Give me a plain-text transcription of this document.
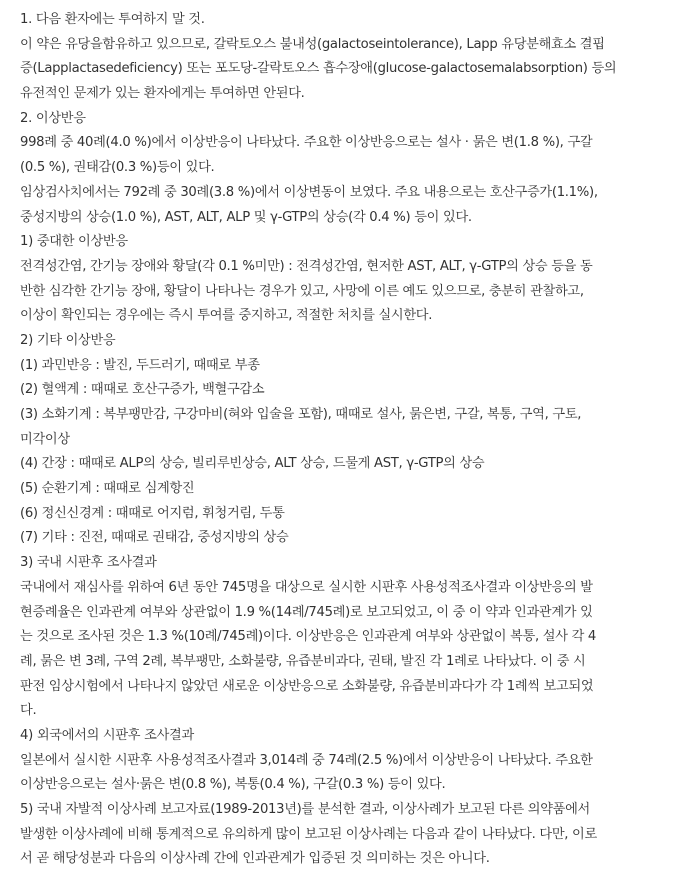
1. 다음 환자에는 투여하지 말 것.
이 약은 유당을함유하고 있으므로, 갈락토오스 불내성(galactoseintolerance), Lapp 유당분해효소 결핍
증(Lapplactasedeficiency) 또는 포도당-갈락토오스 흡수장애(glucose-galactosemalabsorption) 등의
유전적인 문제가 있는 환자에게는 투여하면 안된다.
2. 이상반응
998례 중 40례(4.0 %)에서 이상반응이 나타났다. 주요한 이상반응으로는 설사 · 묽은 변(1.8 %), 구갈
(0.5 %), 권태감(0.3 %)등이 있다.
임상검사치에서는 792례 중 30례(3.8 %)에서 이상변동이 보였다. 주요 내용으로는 호산구증가(1.1%),
중성지방의 상승(1.0 %), AST, ALT, ALP 및 γ-GTP의 상승(각 0.4 %) 등이 있다.
1) 중대한 이상반응
전격성간염, 간기능 장애와 황달(각 0.1 %미만) : 전격성간염, 현저한 AST, ALT, γ-GTP의 상승 등을 동
반한 심각한 간기능 장애, 황달이 나타나는 경우가 있고, 사망에 이른 예도 있으므로, 충분히 관찰하고,
이상이 확인되는 경우에는 즉시 투여를 중지하고, 적절한 처치를 실시한다.
2) 기타 이상반응
(1) 과민반응 : 발진, 두드러기, 때때로 부종
(2) 혈액계 : 때때로 호산구증가, 백혈구감소
(3) 소화기계 : 복부팽만감, 구강마비(혀와 입술을 포함), 때때로 설사, 묽은변, 구갈, 복통, 구역, 구토,
미각이상
(4) 간장 : 때때로 ALP의 상승, 빌리루빈상승, ALT 상승, 드물게 AST, γ-GTP의 상승
(5) 순환기계 : 때때로 심계항진
(6) 정신신경계 : 때때로 어지럼, 휘청거림, 두통
(7) 기타 : 진전, 때때로 권태감, 중성지방의 상승
3) 국내 시판후 조사결과
국내에서 재심사를 위하여 6년 동안 745명을 대상으로 실시한 시판후 사용성적조사결과 이상반응의 발
현증례율은 인과관계 여부와 상관없이 1.9 %(14례/745례)로 보고되었고, 이 중 이 약과 인과관계가 있
는 것으로 조사된 것은 1.3 %(10례/745례)이다. 이상반응은 인과관계 여부와 상관없이 복통, 설사 각 4
례, 묽은 변 3례, 구역 2례, 복부팽만, 소화불량, 유즙분비과다, 권태, 발진 각 1례로 나타났다. 이 중 시
판전 임상시험에서 나타나지 않았던 새로운 이상반응으로 소화불량, 유즙분비과다가 각 1례씩 보고되었
다.
4) 외국에서의 시판후 조사결과
일본에서 실시한 시판후 사용성적조사결과 3,014례 중 74례(2.5 %)에서 이상반응이 나타났다. 주요한
이상반응으로는 설사·묽은 변(0.8 %), 복통(0.4 %), 구갈(0.3 %) 등이 있다.
5) 국내 자발적 이상사례 보고자료(1989-2013년)를 분석한 결과, 이상사례가 보고된 다른 의약품에서
발생한 이상사례에 비해 통계적으로 유의하게 많이 보고된 이상사례는 다음과 같이 나타났다. 다만, 이로
서 곧 해당성분과 다음의 이상사례 간에 인과관계가 입증된 것 의미하는 것은 아니다.
